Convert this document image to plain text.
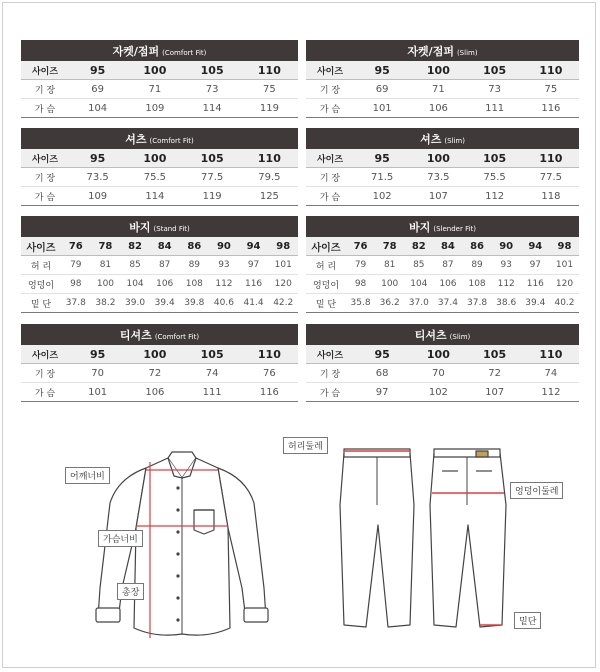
자켓/점퍼 (Comfort Fit)				
사이즈	95	100	105	110
기 장	69	71	73	75
가 슴	104	109	114	119
자켓/점퍼 (Slim)				
사이즈	95	100	105	110
기 장	69	71	73	75
가 슴	101	106	111	116
셔츠 (Comfort Fit)				
사이즈	95	100	105	110
기 장	73.5	75.5	77.5	79.5
가 슴	109	114	119	125
셔츠 (Slim)				
사이즈	95	100	105	110
기 장	71.5	73.5	75.5	77.5
가 슴	102	107	112	118
바지 (Stand Fit)								
사이즈	76	78	82	84	86	90	94	98
허 리	79	81	85	87	89	93	97	101
엉덩이	98	100	104	106	108	112	116	120
밑 단	37.8	38.2	39.0	39.4	39.8	40.6	41.4	42.2
바지 (Slender Fit)								
사이즈	76	78	82	84	86	90	94	98
허 리	79	81	85	87	89	93	97	101
엉덩이	98	100	104	106	108	112	116	120
밑 단	35.8	36.2	37.0	37.4	37.8	38.6	39.4	40.2
티셔츠 (Comfort Fit)				
사이즈	95	100	105	110
기 장	70	72	74	76
가 슴	101	106	111	116
티셔츠 (Slim)				
사이즈	95	100	105	110
기 장	68	70	72	74
가 슴	97	102	107	112
어깨너비
가슴너비
총장
허리둘레
엉덩이둘레
밑단
